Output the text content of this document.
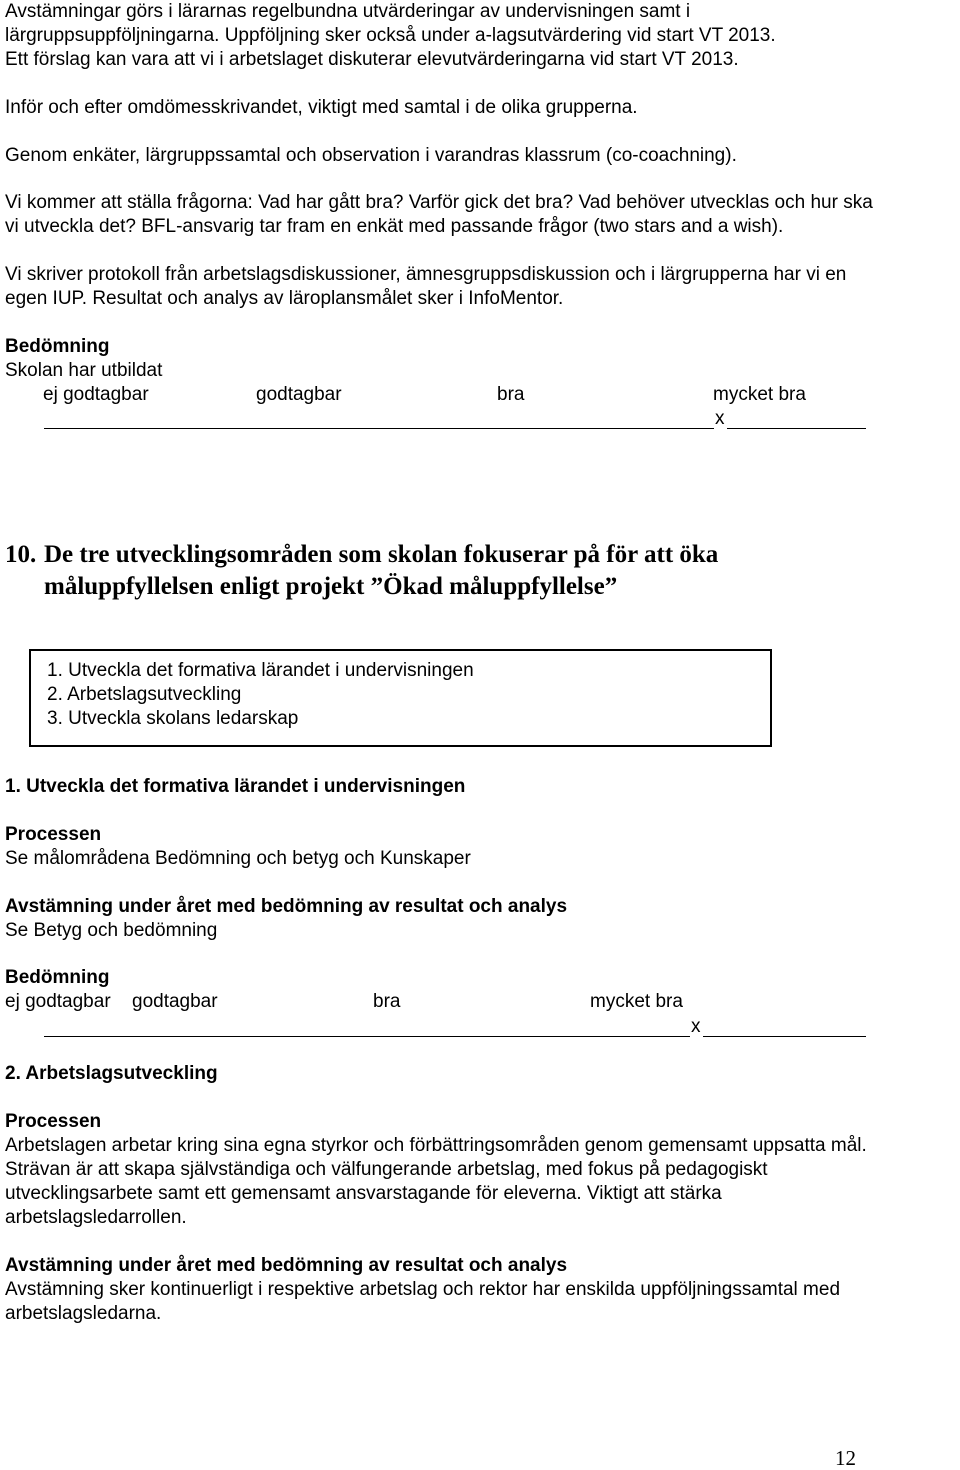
Avstämningar görs i lärarnas regelbundna utvärderingar av undervisningen samt i
lärgruppsuppföljningarna. Uppföljning sker också under a-lagsutvärdering vid start VT 2013.
Ett förslag kan vara att vi i arbetslaget diskuterar elevutvärderingarna vid start VT 2013.
Inför och efter omdömesskrivandet, viktigt med samtal i de olika grupperna.
Genom enkäter, lärgruppssamtal och observation i varandras klassrum (co-coachning).
Vi kommer att ställa frågorna: Vad har gått bra? Varför gick det bra? Vad behöver utvecklas och hur ska
vi utveckla det? BFL-ansvarig tar fram en enkät med passande frågor (two stars and a wish).
Vi skriver protokoll från arbetslagsdiskussioner, ämnesgruppsdiskussion och i lärgrupperna har vi en
egen IUP. Resultat och analys av läroplansmålet sker i InfoMentor.
Bedömning
Skolan har utbildat
ej godtagbar	godtagbar	bra	mycket bra
x
10. De tre utvecklingsområden som skolan fokuserar på för att öka
måluppfyllelsen enligt projekt ”Ökad måluppfyllelse”
1. Utveckla det formativa lärandet i undervisningen
2. Arbetslagsutveckling
3. Utveckla skolans ledarskap
1. Utveckla det formativa lärandet i undervisningen
Processen
Se målområdena Bedömning och betyg och Kunskaper
Avstämning under året med bedömning av resultat och analys
Se Betyg och bedömning
Bedömning
ej godtagbar godtagbar	bra	mycket bra
x
2. Arbetslagsutveckling
Processen
Arbetslagen arbetar kring sina egna styrkor och förbättringsområden genom gemensamt uppsatta mål.
Strävan är att skapa självständiga och välfungerande arbetslag, med fokus på pedagogiskt
utvecklingsarbete samt ett gemensamt ansvarstagande för eleverna. Viktigt att stärka
arbetslagsledarrollen.
Avstämning under året med bedömning av resultat och analys
Avstämning sker kontinuerligt i respektive arbetslag och rektor har enskilda uppföljningssamtal med
arbetslagsledarna.
12
